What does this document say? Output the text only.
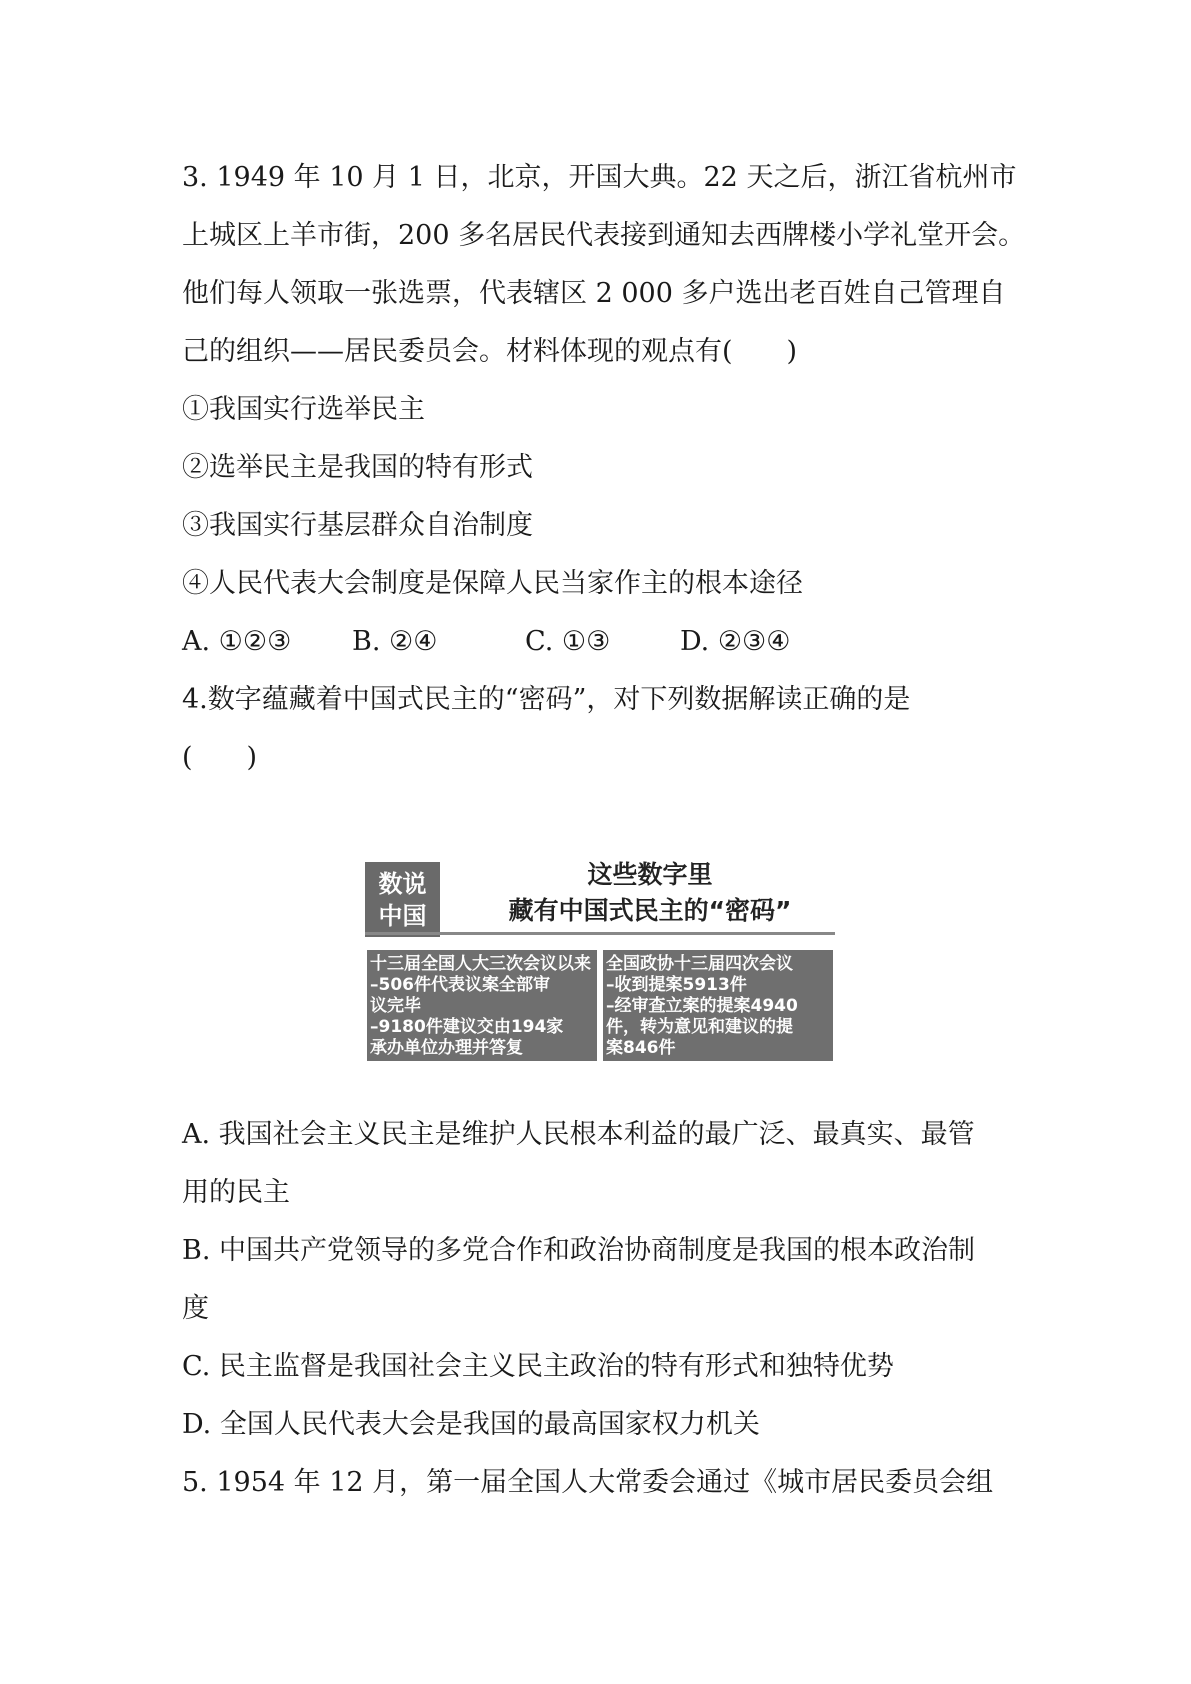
3. 1949 年 10 月 1 日，北京，开国大典。22 天之后，浙江省杭州市
上城区上羊市街，200 多名居民代表接到通知去西牌楼小学礼堂开会。
他们每人领取一张选票，代表辖区 2 000 多户选出老百姓自己管理自
己的组织——居民委员会。材料体现的观点有(　　)
①我国实行选举民主
②选举民主是我国的特有形式
③我国实行基层群众自治制度
④人民代表大会制度是保障人民当家作主的根本途径
A. ①②③ B. ②④	C. ①③	D. ②③④
4.数字蕴藏着中国式民主的“密码”，对下列数据解读正确的是
(　　)
数说
中国
这些数字里
藏有中国式民主的“密码”
十三届全国人大三次会议以来
–506件代表议案全部审
议完毕
–9180件建议交由194家
承办单位办理并答复
全国政协十三届四次会议
–收到提案5913件
–经审查立案的提案4940
件，转为意见和建议的提
案846件
A. 我国社会主义民主是维护人民根本利益的最广泛、最真实、最管
用的民主
B. 中国共产党领导的多党合作和政治协商制度是我国的根本政治制
度
C. 民主监督是我国社会主义民主政治的特有形式和独特优势
D. 全国人民代表大会是我国的最高国家权力机关
5. 1954 年 12 月，第一届全国人大常委会通过《城市居民委员会组
